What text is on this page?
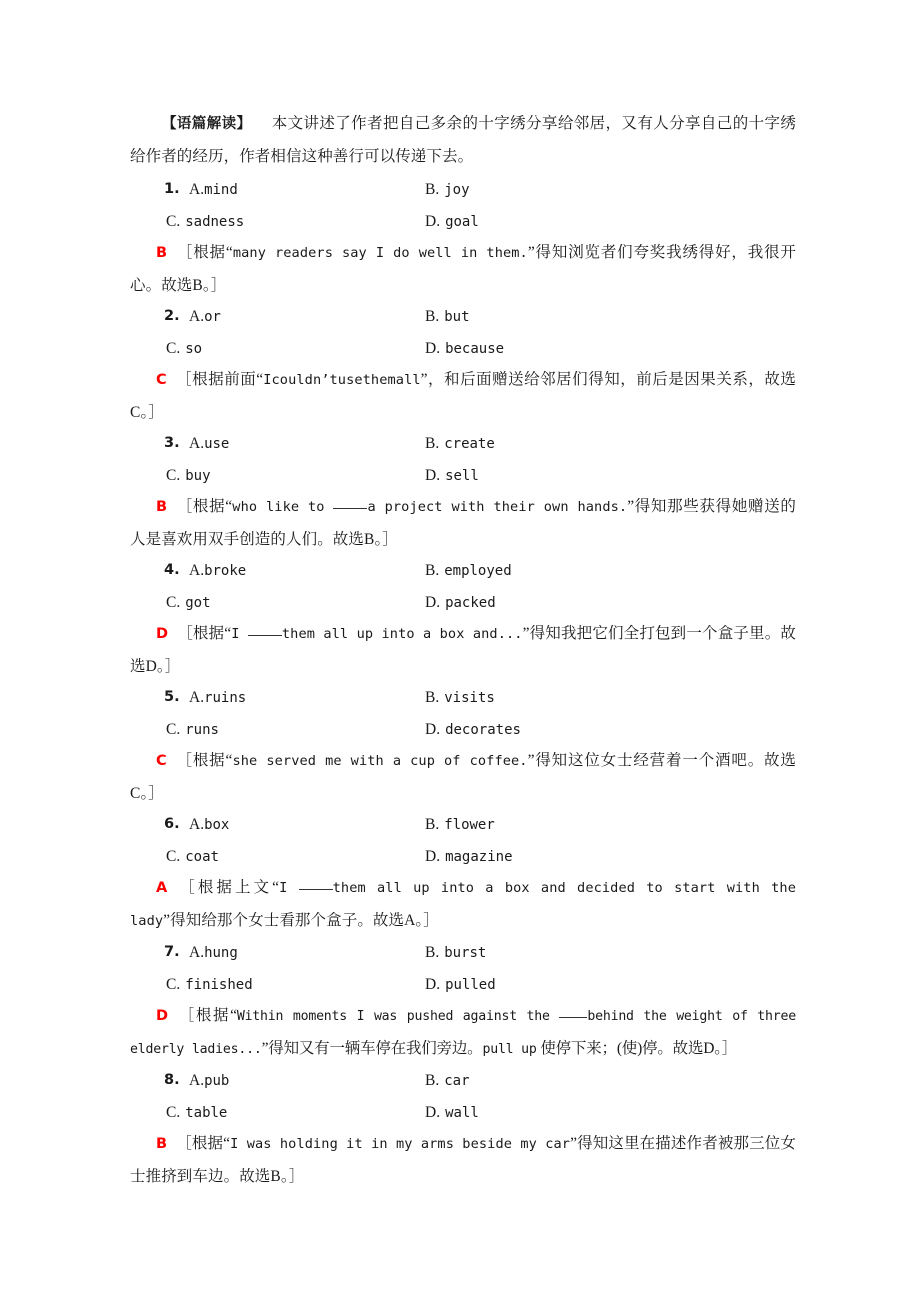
【语篇解读】 本文讲述了作者把自己多余的十字绣分享给邻居，又有人分享自己的十字绣给作者的经历，作者相信这种善行可以传递下去。

1. A.mind	B. joy
C. sadness	D. goal

B ［根据“many readers say I do well in them.”得知浏览者们夸奖我绣得好，我很开心。故选B。］

2. A.or	B. but
C. so	D. because

C ［根据前面“Icouldn’tusethemall”，和后面赠送给邻居们得知，前后是因果关系，故选C。］

3. A.use	B. create
C. buy	D. sell

B ［根据“who like to	a project with their own hands.”得知那些获得她赠送的人是喜欢用双手创造的人们。故选B。］

4. A.broke	B. employed
C. got	D. packed

D ［根据“I	them all up into a box and...”得知我把它们全打包到一个盒子里。故选D。］

5. A.ruins	B. visits
C. runs	D. decorates

C ［根据“she served me with a cup of coffee.”得知这位女士经营着一个酒吧。故选C。］

6. A.box	B. flower
C. coat	D. magazine

A ［根据上文“I	them all up into a box and decided to start with the lady”得知给那个女士看那个盒子。故选A。］

7. A.hung	B. burst
C. finished	D. pulled

D ［根据“Within moments I was pushed against the behind the weight of three elderly ladies...”得知又有一辆车停在我们旁边。pull up 使停下来；(使)停。故选D。］

8. A.pub	B. car
C. table	D. wall

B ［根据“I was holding it in my arms beside my car”得知这里在描述作者被那三位女士推挤到车边。故选B。］
